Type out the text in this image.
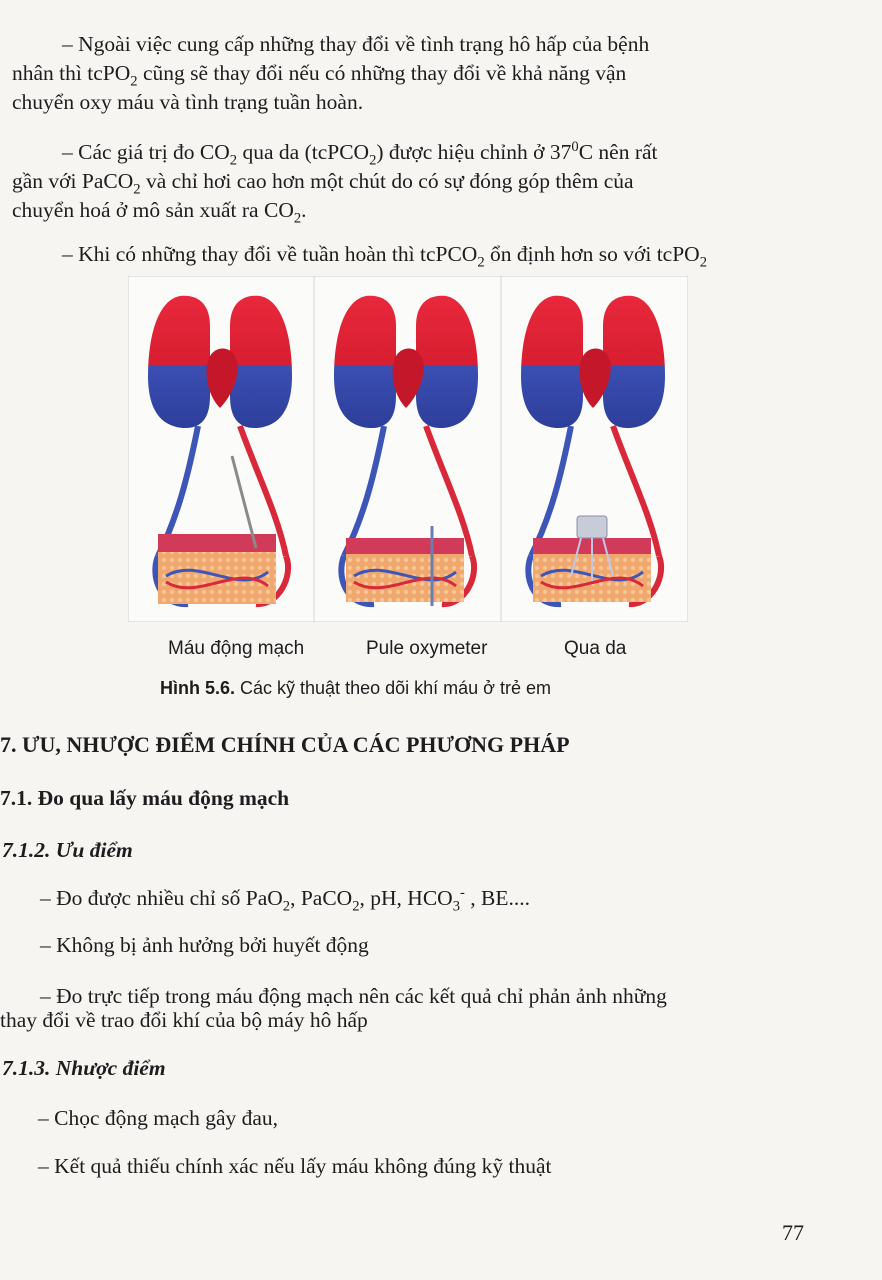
– Ngoài việc cung cấp những thay đổi về tình trạng hô hấp của bệnh

nhân thì tcPO$_2$ cũng sẽ thay đổi nếu có những thay đổi về khả năng vận

chuyển oxy máu và tình trạng tuần hoàn.

– Các giá trị đo $CO_2$ qua da (tcPCO$_2$) được hiệu chỉnh ở $37^0C$ nên rất

gần với PaCO$_2$ và chỉ hơi cao hơn một chút do có sự đóng góp thêm của

chuyển hoá ở mô sản xuất ra $CO_2$.

– Khi có những thay đổi về tuần hoàn thì tcPCO$_2$ ổn định hơn so với tcPO$_2$

Máu động mạch	Pule oxymeter	Qua da
Hình 5.6. Các kỹ thuật theo dõi khí máu ở trẻ em
7. ƯU, NHƯỢC ĐIỂM CHÍNH CỦA CÁC PHƯƠNG PHÁP
7.1. Đo qua lấy máu động mạch
7.1.2. Ưu điểm
– Đo được nhiều chỉ số PaO$_2$, PaCO$_2$, pH, $HCO_3^-$ , BE....
– Không bị ảnh hưởng bởi huyết động
– Đo trực tiếp trong máu động mạch nên các kết quả chỉ phản ảnh những
thay đổi về trao đổi khí của bộ máy hô hấp
7.1.3. Nhược điểm
– Chọc động mạch gây đau,
– Kết quả thiếu chính xác nếu lấy máu không đúng kỹ thuật
77
